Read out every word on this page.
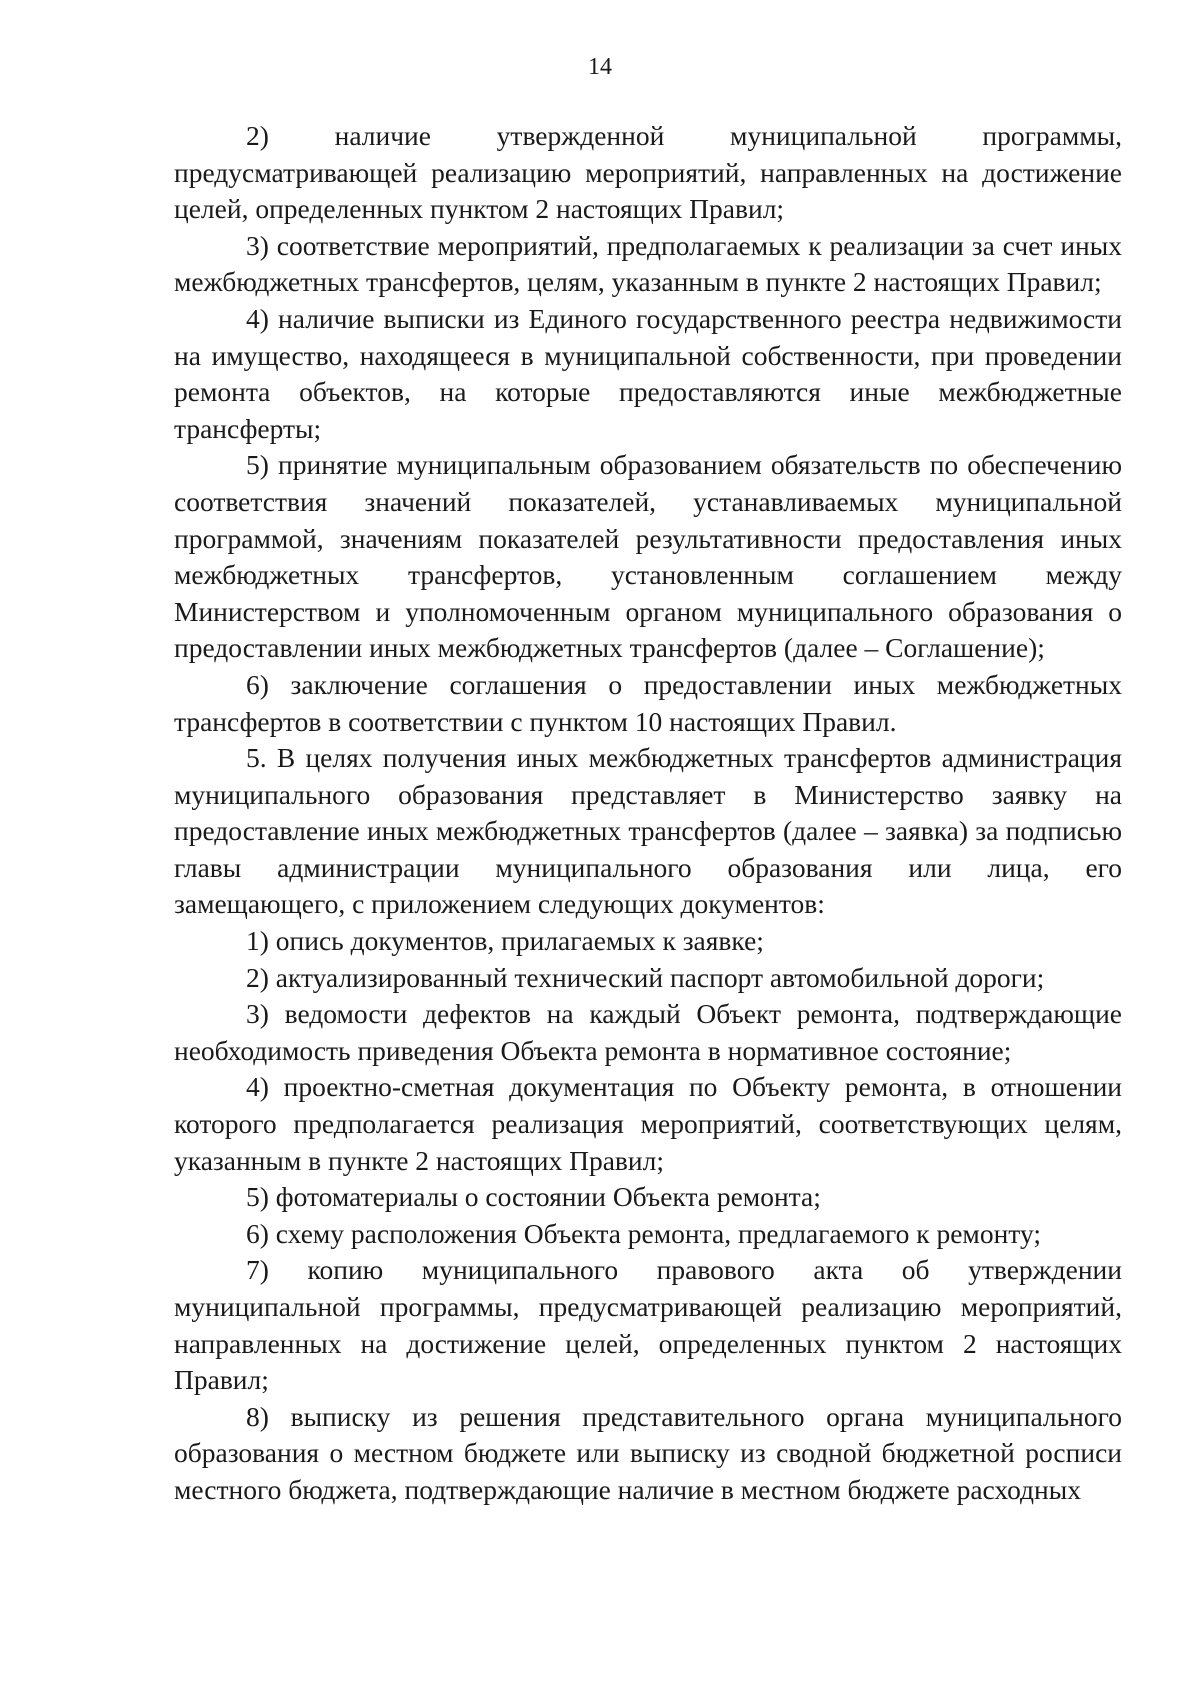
14

2) наличие утвержденной муниципальной программы, предусматривающей реализацию мероприятий, направленных на достижение целей, определенных пунктом 2 настоящих Правил;

3) соответствие мероприятий, предполагаемых к реализации за счет иных межбюджетных трансфертов, целям, указанным в пункте 2 настоящих Правил;

4) наличие выписки из Единого государственного реестра недвижимости на имущество, находящееся в муниципальной собственности, при проведении ремонта объектов, на которые предоставляются иные межбюджетные трансферты;

5) принятие муниципальным образованием обязательств по обеспечению соответствия значений показателей, устанавливаемых муниципальной программой, значениям показателей результативности предоставления иных межбюджетных трансфертов, установленным соглашением между Министерством и уполномоченным органом муниципального образования о предоставлении иных межбюджетных трансфертов (далее – Соглашение);

6) заключение соглашения о предоставлении иных межбюджетных трансфертов в соответствии с пунктом 10 настоящих Правил.

5. В целях получения иных межбюджетных трансфертов администрация муниципального образования представляет в Министерство заявку на предоставление иных межбюджетных трансфертов (далее – заявка) за подписью главы администрации муниципального образования или лица, его замещающего, с приложением следующих документов:

1) опись документов, прилагаемых к заявке;

2) актуализированный технический паспорт автомобильной дороги;

3) ведомости дефектов на каждый Объект ремонта, подтверждающие необходимость приведения Объекта ремонта в нормативное состояние;

4) проектно-сметная документация по Объекту ремонта, в отношении которого предполагается реализация мероприятий, соответствующих целям, указанным в пункте 2 настоящих Правил;

5) фотоматериалы о состоянии Объекта ремонта;

6) схему расположения Объекта ремонта, предлагаемого к ремонту;

7) копию муниципального правового акта об утверждении муниципальной программы, предусматривающей реализацию мероприятий, направленных на достижение целей, определенных пунктом 2 настоящих Правил;

8) выписку из решения представительного органа муниципального образования о местном бюджете или выписку из сводной бюджетной росписи местного бюджета, подтверждающие наличие в местном бюджете расходных
